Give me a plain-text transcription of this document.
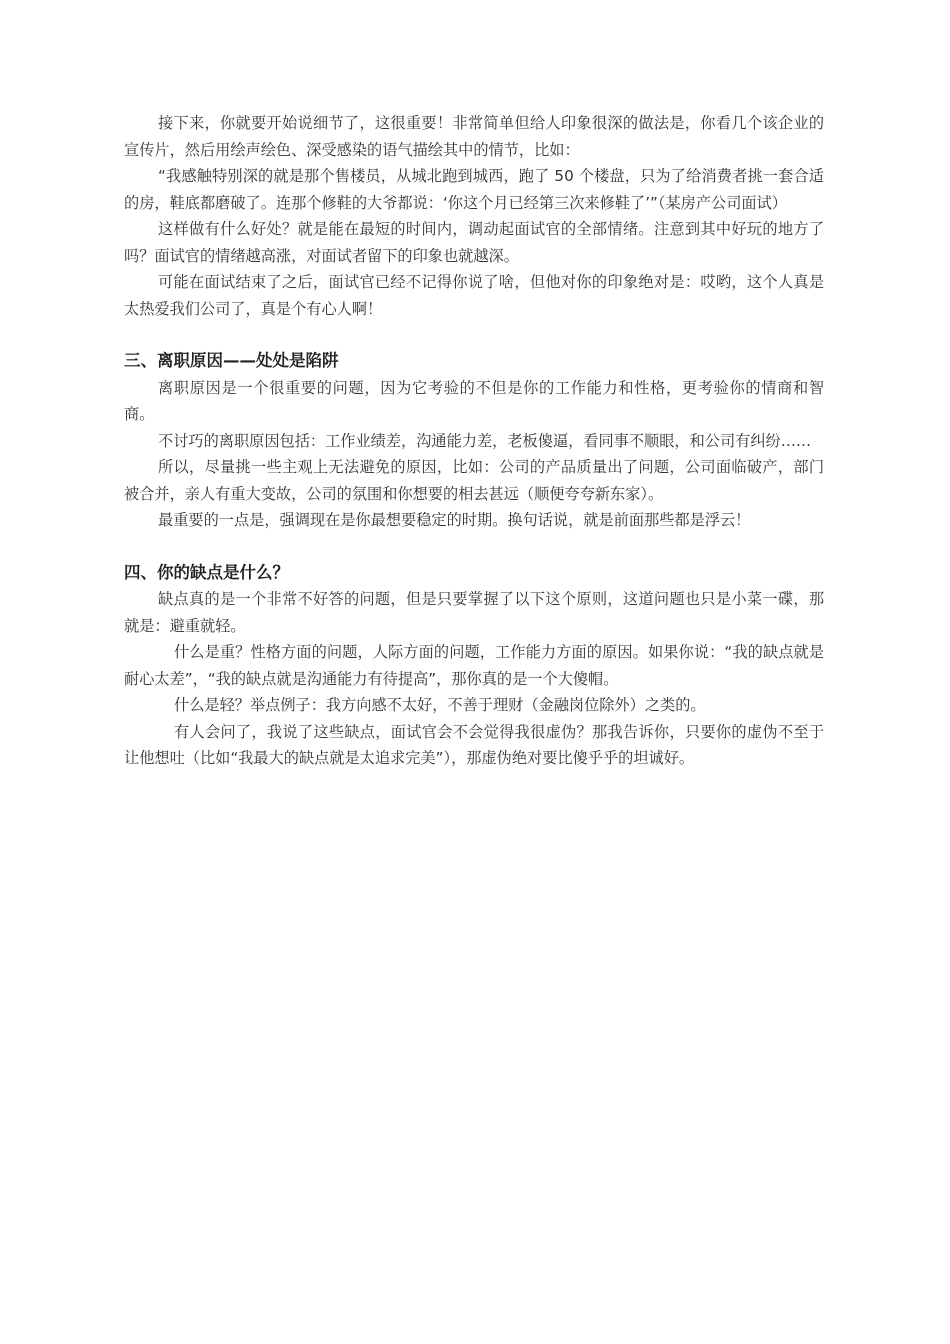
接下来，你就要开始说细节了，这很重要！非常简单但给人印象很深的做法是，你看几个该企业的宣传片，然后用绘声绘色、深受感染的语气描绘其中的情节，比如：

“我感触特别深的就是那个售楼员，从城北跑到城西，跑了 50 个楼盘，只为了给消费者挑一套合适的房，鞋底都磨破了。连那个修鞋的大爷都说：‘你这个月已经第三次来修鞋了’”（某房产公司面试）

这样做有什么好处？就是能在最短的时间内，调动起面试官的全部情绪。注意到其中好玩的地方了吗？面试官的情绪越高涨，对面试者留下的印象也就越深。

可能在面试结束了之后，面试官已经不记得你说了啥，但他对你的印象绝对是：哎哟，这个人真是太热爱我们公司了，真是个有心人啊！

三、离职原因——处处是陷阱

离职原因是一个很重要的问题，因为它考验的不但是你的工作能力和性格，更考验你的情商和智商。

不讨巧的离职原因包括：工作业绩差，沟通能力差，老板傻逼，看同事不顺眼，和公司有纠纷……

所以，尽量挑一些主观上无法避免的原因，比如：公司的产品质量出了问题，公司面临破产，部门被合并，亲人有重大变故，公司的氛围和你想要的相去甚远（顺便夸夸新东家）。

最重要的一点是，强调现在是你最想要稳定的时期。换句话说，就是前面那些都是浮云！

四、你的缺点是什么？

缺点真的是一个非常不好答的问题，但是只要掌握了以下这个原则，这道问题也只是小菜一碟，那就是：避重就轻。

什么是重？性格方面的问题，人际方面的问题，工作能力方面的原因。如果你说：“我的缺点就是耐心太差”，“我的缺点就是沟通能力有待提高”，那你真的是一个大傻帽。

什么是轻？举点例子：我方向感不太好，不善于理财（金融岗位除外）之类的。

有人会问了，我说了这些缺点，面试官会不会觉得我很虚伪？那我告诉你，只要你的虚伪不至于让他想吐（比如“我最大的缺点就是太追求完美”），那虚伪绝对要比傻乎乎的坦诚好。
